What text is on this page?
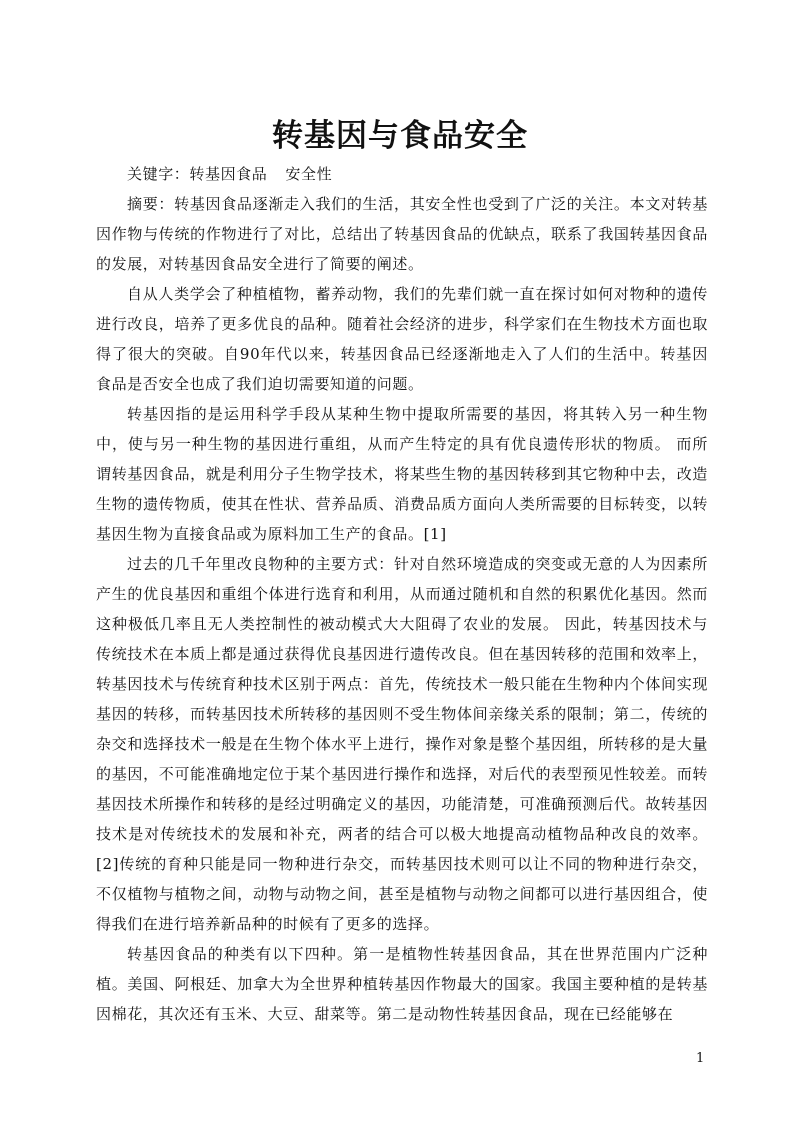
转基因与食品安全

关键字：转基因食品 安全性

摘要：转基因食品逐渐走入我们的生活，其安全性也受到了广泛的关注。本文对转基因作物与传统的作物进行了对比，总结出了转基因食品的优缺点，联系了我国转基因食品的发展，对转基因食品安全进行了简要的阐述。

自从人类学会了种植植物，蓄养动物，我们的先辈们就一直在探讨如何对物种的遗传进行改良，培养了更多优良的品种。随着社会经济的进步，科学家们在生物技术方面也取得了很大的突破。自90年代以来，转基因食品已经逐渐地走入了人们的生活中。转基因食品是否安全也成了我们迫切需要知道的问题。

转基因指的是运用科学手段从某种生物中提取所需要的基因，将其转入另一种生物中，使与另一种生物的基因进行重组，从而产生特定的具有优良遗传形状的物质。 而所谓转基因食品，就是利用分子生物学技术，将某些生物的基因转移到其它物种中去，改造生物的遗传物质，使其在性状、营养品质、消费品质方面向人类所需要的目标转变，以转基因生物为直接食品或为原料加工生产的食品。[1]

过去的几千年里改良物种的主要方式：针对自然环境造成的突变或无意的人为因素所产生的优良基因和重组个体进行选育和利用，从而通过随机和自然的积累优化基因。然而这种极低几率且无人类控制性的被动模式大大阻碍了农业的发展。 因此，转基因技术与传统技术在本质上都是通过获得优良基因进行遗传改良。但在基因转移的范围和效率上，转基因技术与传统育种技术区别于两点：首先，传统技术一般只能在生物种内个体间实现基因的转移，而转基因技术所转移的基因则不受生物体间亲缘关系的限制；第二，传统的杂交和选择技术一般是在生物个体水平上进行，操作对象是整个基因组，所转移的是大量的基因，不可能准确地定位于某个基因进行操作和选择，对后代的表型预见性较差。而转基因技术所操作和转移的是经过明确定义的基因，功能清楚，可准确预测后代。故转基因技术是对传统技术的发展和补充，两者的结合可以极大地提高动植物品种改良的效率。[2]传统的育种只能是同一物种进行杂交，而转基因技术则可以让不同的物种进行杂交，不仅植物与植物之间，动物与动物之间，甚至是植物与动物之间都可以进行基因组合，使得我们在进行培养新品种的时候有了更多的选择。

转基因食品的种类有以下四种。第一是植物性转基因食品，其在世界范围内广泛种植。美国、阿根廷、加拿大为全世界种植转基因作物最大的国家。我国主要种植的是转基因棉花，其次还有玉米、大豆、甜菜等。第二是动物性转基因食品，现在已经能够在

1
